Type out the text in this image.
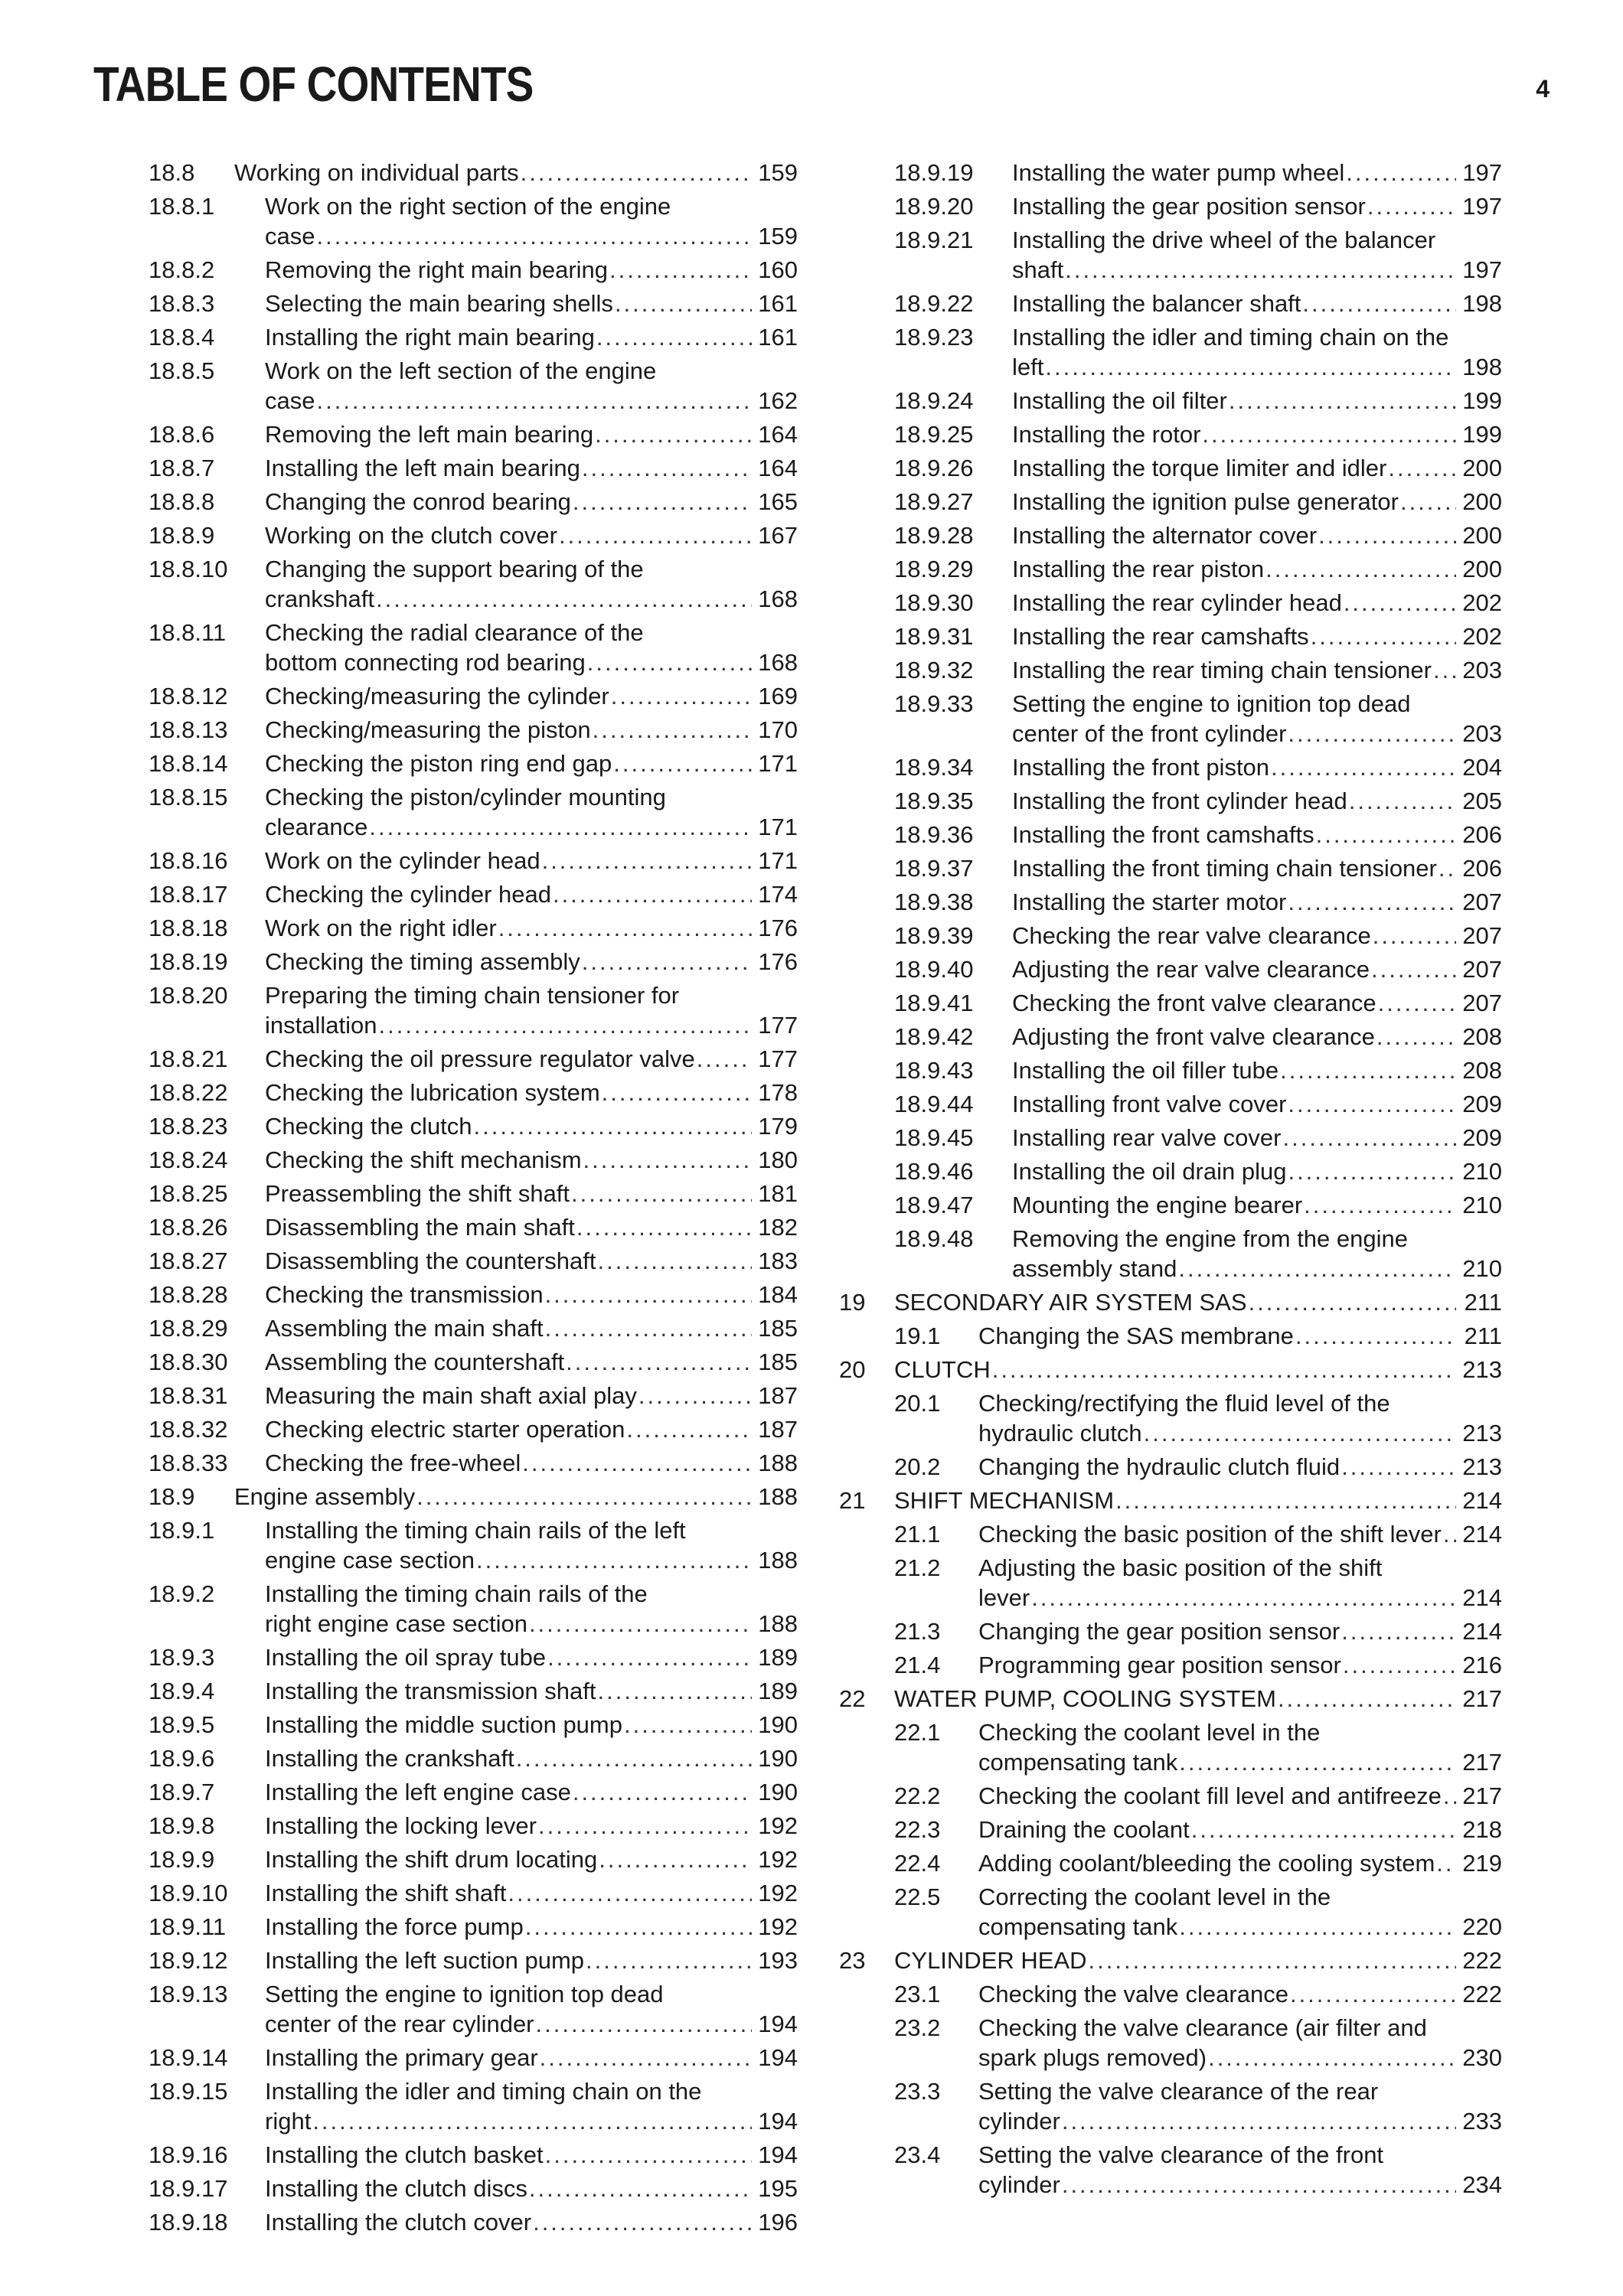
TABLE OF CONTENTS	4
18.8 Working on individual parts .....	159
18.8.1 Work on the right section of the engine
case .....	159
18.8.2 Removing the right main bearing .....	160
18.8.3 Selecting the main bearing shells .....	161
18.8.4 Installing the right main bearing .....	161
18.8.5 Work on the left section of the engine
case .....	162
18.8.6 Removing the left main bearing .....	164
18.8.7 Installing the left main bearing .....	164
18.8.8 Changing the conrod bearing .....	165
18.8.9 Working on the clutch cover .....	167
18.8.10 Changing the support bearing of the
crankshaft .....	168
18.8.11 Checking the radial clearance of the
bottom connecting rod bearing .....	168
18.8.12 Checking/measuring the cylinder .....	169
18.8.13 Checking/measuring the piston .....	170
18.8.14 Checking the piston ring end gap .....	171
18.8.15 Checking the piston/cylinder mounting
clearance .....	171
18.8.16 Work on the cylinder head .....	171
18.8.17 Checking the cylinder head .....	174
18.8.18 Work on the right idler .....	176
18.8.19 Checking the timing assembly .....	176
18.8.20 Preparing the timing chain tensioner for
installation .....	177
18.8.21 Checking the oil pressure regulator valve .....	177
18.8.22 Checking the lubrication system .....	178
18.8.23 Checking the clutch .....	179
18.8.24 Checking the shift mechanism .....	180
18.8.25 Preassembling the shift shaft .....	181
18.8.26 Disassembling the main shaft .....	182
18.8.27 Disassembling the countershaft .....	183
18.8.28 Checking the transmission .....	184
18.8.29 Assembling the main shaft .....	185
18.8.30 Assembling the countershaft .....	185
18.8.31 Measuring the main shaft axial play .....	187
18.8.32 Checking electric starter operation .....	187
18.8.33 Checking the free-wheel .....	188
18.9 Engine assembly .....	188
18.9.1 Installing the timing chain rails of the left
engine case section .....	188
18.9.2 Installing the timing chain rails of the
right engine case section .....	188
18.9.3 Installing the oil spray tube .....	189
18.9.4 Installing the transmission shaft .....	189
18.9.5 Installing the middle suction pump .....	190
18.9.6 Installing the crankshaft .....	190
18.9.7 Installing the left engine case .....	190
18.9.8 Installing the locking lever .....	192
18.9.9 Installing the shift drum locating .....	192
18.9.10 Installing the shift shaft .....	192
18.9.11 Installing the force pump .....	192
18.9.12 Installing the left suction pump .....	193
18.9.13 Setting the engine to ignition top dead
center of the rear cylinder .....	194
18.9.14 Installing the primary gear .....	194
18.9.15 Installing the idler and timing chain on the
right .....	194
18.9.16 Installing the clutch basket .....	194
18.9.17 Installing the clutch discs .....	195
18.9.18 Installing the clutch cover .....	196
18.9.19 Installing the water pump wheel .....	197
18.9.20 Installing the gear position sensor .....	197
18.9.21 Installing the drive wheel of the balancer
shaft .....	197
18.9.22 Installing the balancer shaft .....	198
18.9.23 Installing the idler and timing chain on the
left .....	198
18.9.24 Installing the oil filter .....	199
18.9.25 Installing the rotor .....	199
18.9.26 Installing the torque limiter and idler .....	200
18.9.27 Installing the ignition pulse generator .....	200
18.9.28 Installing the alternator cover .....	200
18.9.29 Installing the rear piston .....	200
18.9.30 Installing the rear cylinder head .....	202
18.9.31 Installing the rear camshafts .....	202
18.9.32 Installing the rear timing chain tensioner ..... 203
18.9.33 Setting the engine to ignition top dead
center of the front cylinder .....	203
18.9.34 Installing the front piston .....	204
18.9.35 Installing the front cylinder head .....	205
18.9.36 Installing the front camshafts .....	206
18.9.37 Installing the front timing chain tensioner ..... 206
18.9.38 Installing the starter motor .....	207
18.9.39 Checking the rear valve clearance .....	207
18.9.40 Adjusting the rear valve clearance .....	207
18.9.41 Checking the front valve clearance .....	207
18.9.42 Adjusting the front valve clearance .....	208
18.9.43 Installing the oil filler tube .....	208
18.9.44 Installing front valve cover .....	209
18.9.45 Installing rear valve cover .....	209
18.9.46 Installing the oil drain plug .....	210
18.9.47 Mounting the engine bearer .....	210
18.9.48 Removing the engine from the engine
assembly stand .....	210
19 SECONDARY AIR SYSTEM SAS .....	211
19.1 Changing the SAS membrane .....	211
20 CLUTCH .....	213
20.1 Checking/rectifying the fluid level of the
hydraulic clutch .....	213
20.2 Changing the hydraulic clutch fluid .....	213
21 SHIFT MECHANISM .....	214
21.1 Checking the basic position of the shift lever ..... 214
21.2 Adjusting the basic position of the shift
lever .....	214
21.3 Changing the gear position sensor .....	214
21.4 Programming gear position sensor .....	216
22 WATER PUMP, COOLING SYSTEM .....	217
22.1 Checking the coolant level in the
compensating tank .....	217
22.2 Checking the coolant fill level and antifreeze ..... 217
22.3 Draining the coolant .....	218
22.4 Adding coolant/bleeding the cooling system ..... 219
22.5 Correcting the coolant level in the
compensating tank .....	220
23 CYLINDER HEAD .....	222
23.1 Checking the valve clearance .....	222
23.2 Checking the valve clearance (air filter and
spark plugs removed) .....	230
23.3 Setting the valve clearance of the rear
cylinder .....	233
23.4 Setting the valve clearance of the front
cylinder .....	234
